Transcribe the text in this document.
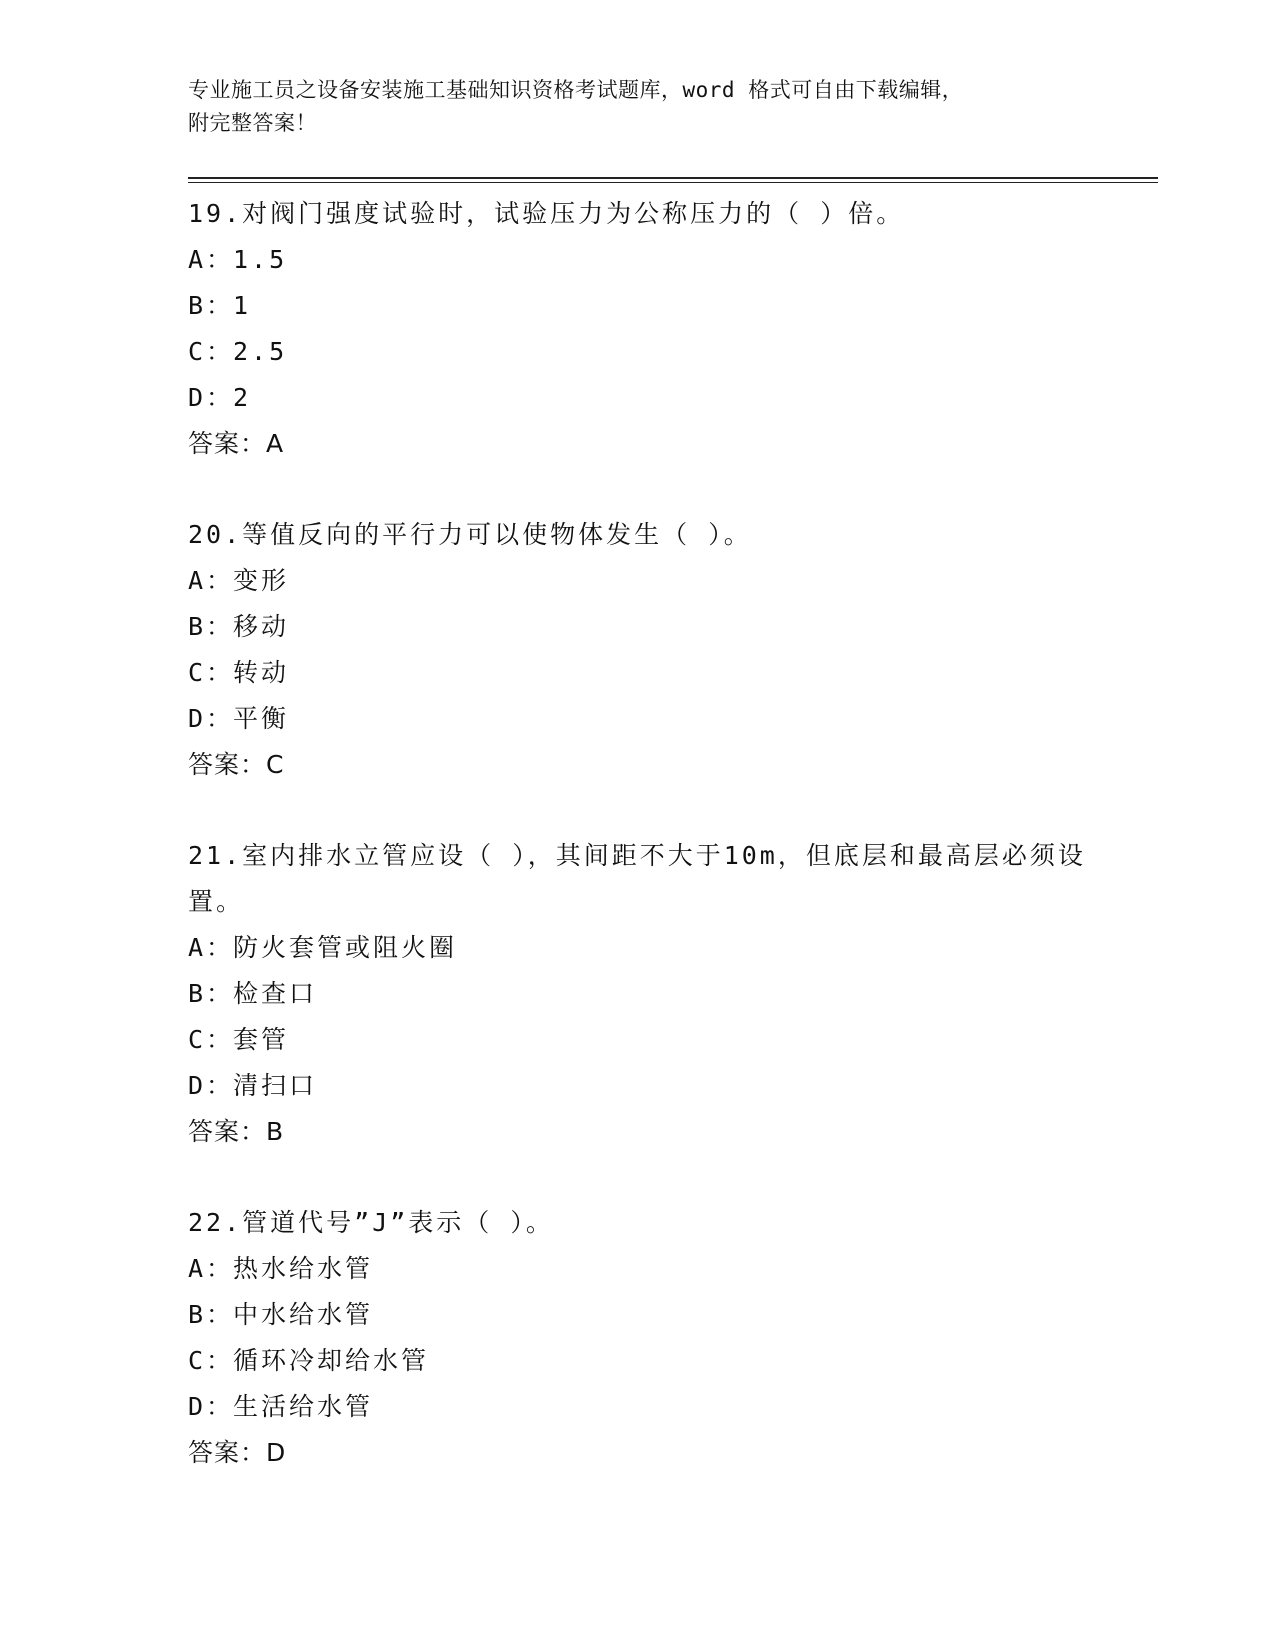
专业施工员之设备安装施工基础知识资格考试题库，word 格式可自由下载编辑，
附完整答案！

19.对阀门强度试验时，试验压力为公称压力的（ ）倍。

A：
1.5
B：
1
C：
2.5
D：
2
答案：A

20.等值反向的平行力可以使物体发生（ ）。

A：
变形
B：
移动
C：
转动
D：
平衡
答案：C

21.室内排水立管应设（ ），其间距不大于10m，但底层和最高层必须设置。

A：
防火套管或阻火圈
B：
检查口
C：
套管
D：
清扫口
答案：B

22.管道代号”J”表示（ ）。

A：
热水给水管
B：
中水给水管
C：
循环冷却给水管
D：
生活给水管
答案：D
